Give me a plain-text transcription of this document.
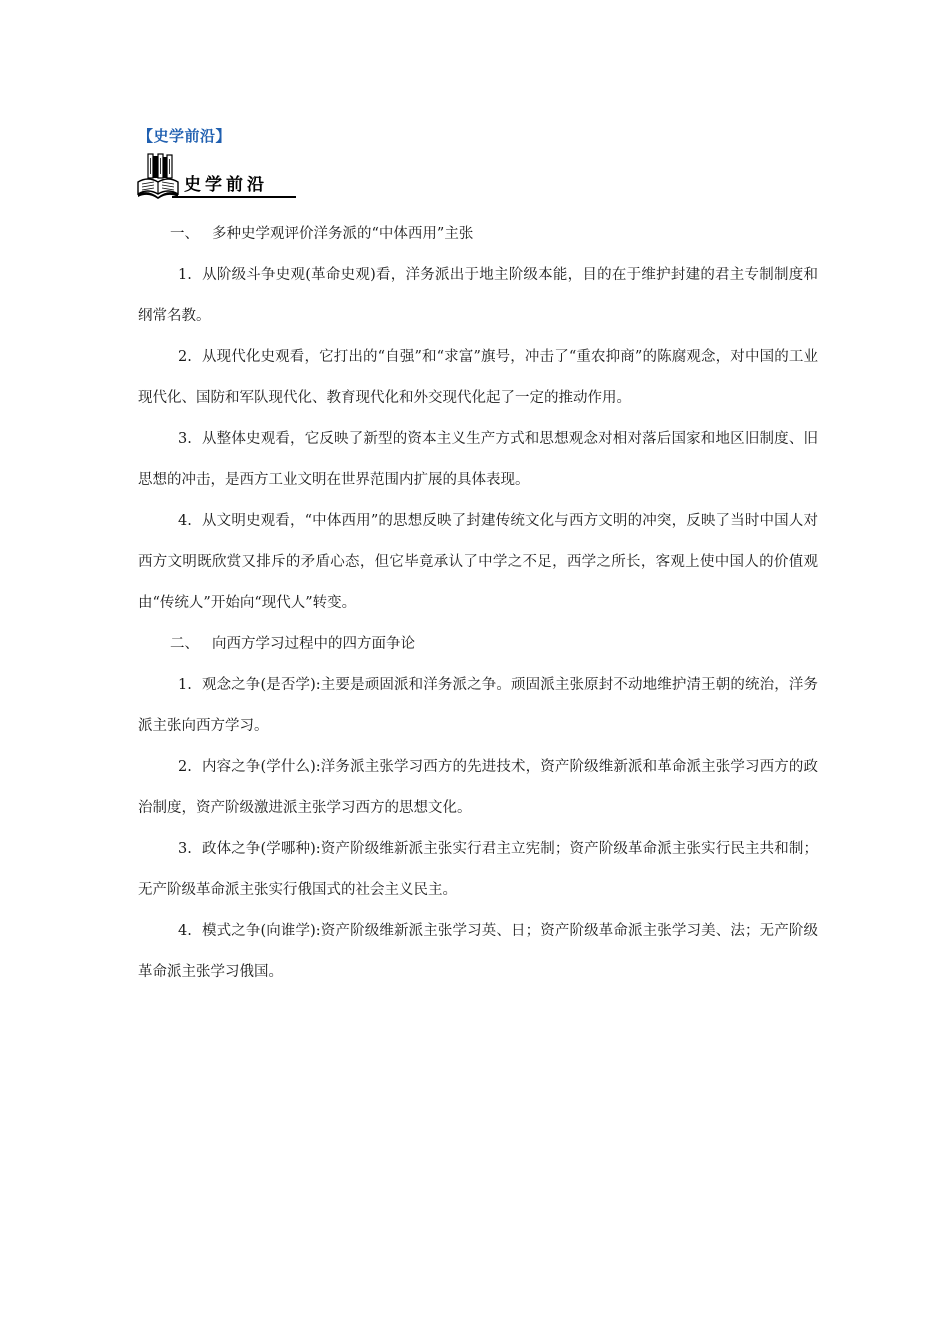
【史学前沿】
史学前沿
一、 多种史学观评价洋务派的“中体西用”主张

1. 从阶级斗争史观(革命史观)看，洋务派出于地主阶级本能，目的在于维护封建的君主专制制度和纲常名教。

2. 从现代化史观看，它打出的“自强”和“求富”旗号，冲击了“重农抑商”的陈腐观念，对中国的工业现代化、国防和军队现代化、教育现代化和外交现代化起了一定的推动作用。

3. 从整体史观看，它反映了新型的资本主义生产方式和思想观念对相对落后国家和地区旧制度、旧思想的冲击，是西方工业文明在世界范围内扩展的具体表现。

4. 从文明史观看，“中体西用”的思想反映了封建传统文化与西方文明的冲突，反映了当时中国人对西方文明既欣赏又排斥的矛盾心态，但它毕竟承认了中学之不足，西学之所长，客观上使中国人的价值观由“传统人”开始向“现代人”转变。

二、 向西方学习过程中的四方面争论

1. 观念之争(是否学):主要是顽固派和洋务派之争。顽固派主张原封不动地维护清王朝的统治，洋务派主张向西方学习。

2. 内容之争(学什么):洋务派主张学习西方的先进技术，资产阶级维新派和革命派主张学习西方的政治制度，资产阶级激进派主张学习西方的思想文化。

3. 政体之争(学哪种):资产阶级维新派主张实行君主立宪制；资产阶级革命派主张实行民主共和制；无产阶级革命派主张实行俄国式的社会主义民主。

4. 模式之争(向谁学):资产阶级维新派主张学习英、日；资产阶级革命派主张学习美、法；无产阶级革命派主张学习俄国。
